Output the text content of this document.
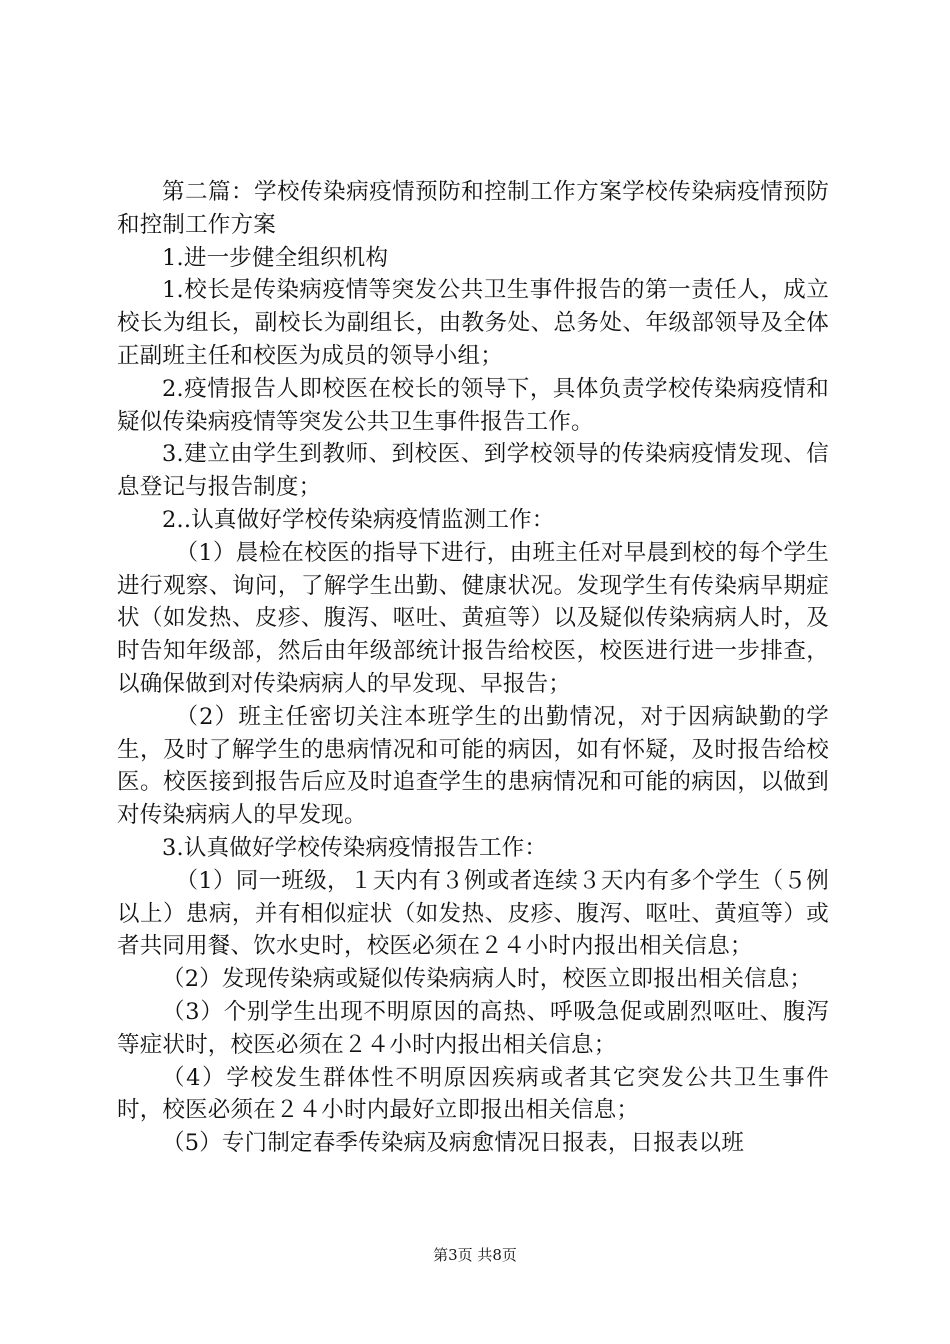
第二篇：学校传染病疫情预防和控制工作方案学校传染病疫情预防和控制工作方案

1.进一步健全组织机构

1.校长是传染病疫情等突发公共卫生事件报告的第一责任人，成立校长为组长，副校长为副组长，由教务处、总务处、年级部领导及全体正副班主任和校医为成员的领导小组；

2.疫情报告人即校医在校长的领导下，具体负责学校传染病疫情和疑似传染病疫情等突发公共卫生事件报告工作。

3.建立由学生到教师、到校医、到学校领导的传染病疫情发现、信息登记与报告制度；

2..认真做好学校传染病疫情监测工作：

（1）晨检在校医的指导下进行，由班主任对早晨到校的每个学生进行观察、询问，了解学生出勤、健康状况。发现学生有传染病早期症状（如发热、皮疹、腹泻、呕吐、黄疸等）以及疑似传染病病人时，及时告知年级部，然后由年级部统计报告给校医，校医进行进一步排查，以确保做到对传染病病人的早发现、早报告；

（2）班主任密切关注本班学生的出勤情况，对于因病缺勤的学生，及时了解学生的患病情况和可能的病因，如有怀疑，及时报告给校医。校医接到报告后应及时追查学生的患病情况和可能的病因，以做到对传染病病人的早发现。

3.认真做好学校传染病疫情报告工作：

（1）同一班级，１天内有３例或者连续３天内有多个学生（５例以上）患病，并有相似症状（如发热、皮疹、腹泻、呕吐、黄疸等）或者共同用餐、饮水史时，校医必须在２４小时内报出相关信息；

（2）发现传染病或疑似传染病病人时，校医立即报出相关信息；

（3）个别学生出现不明原因的高热、呼吸急促或剧烈呕吐、腹泻等症状时，校医必须在２４小时内报出相关信息；

（4）学校发生群体性不明原因疾病或者其它突发公共卫生事件时，校医必须在２４小时内最好立即报出相关信息；

（5）专门制定春季传染病及病愈情况日报表，日报表以班

第3页 共8页
